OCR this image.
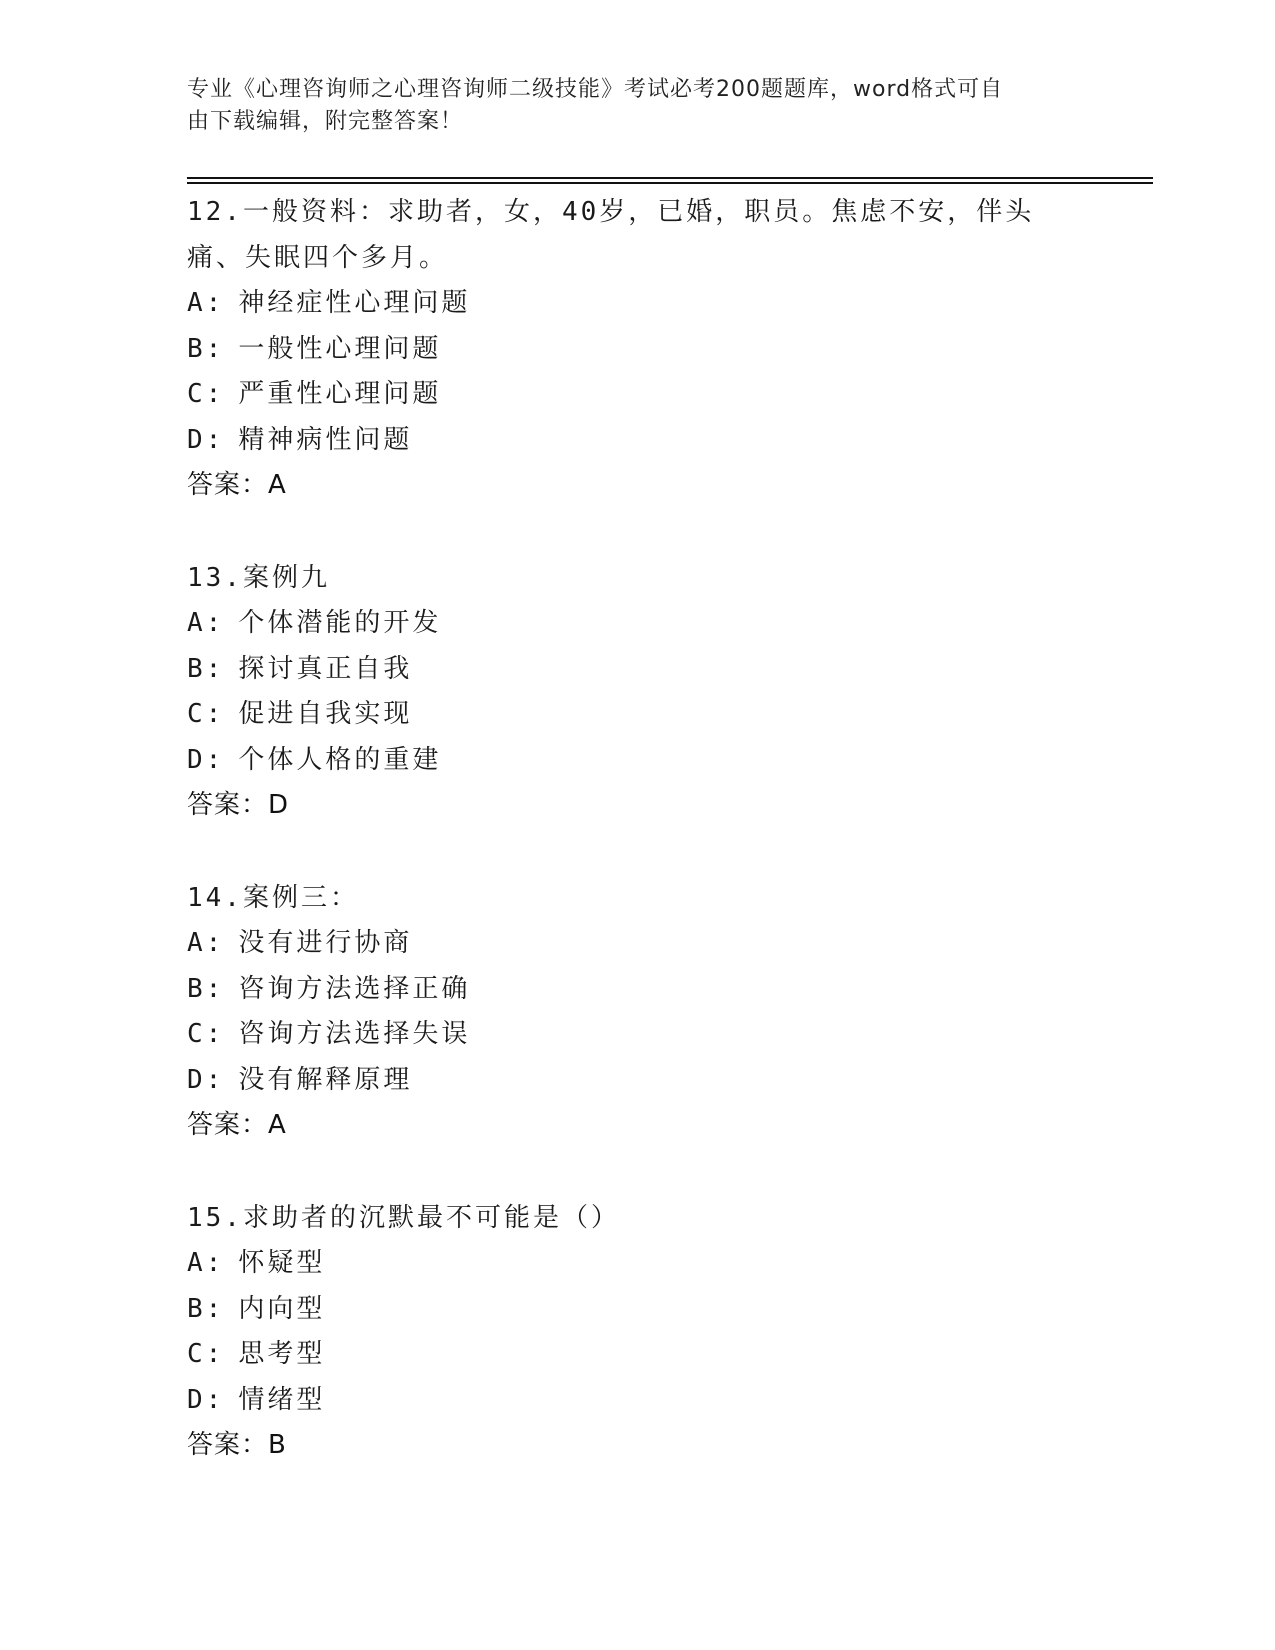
专业《心理咨询师之心理咨询师二级技能》考试必考200题题库，word格式可自
由下载编辑，附完整答案！
12.一般资料：求助者，女，40岁，已婚，职员。焦虑不安，伴头痛、失眠四个多月。
A: 神经症性心理问题
B: 一般性心理问题
C: 严重性心理问题
D: 精神病性问题
答案：A
13.案例九
A: 个体潜能的开发
B: 探讨真正自我
C: 促进自我实现
D: 个体人格的重建
答案：D
14.案例三：
A: 没有进行协商
B: 咨询方法选择正确
C: 咨询方法选择失误
D: 没有解释原理
答案：A
15.求助者的沉默最不可能是（）
A: 怀疑型
B: 内向型
C: 思考型
D: 情绪型
答案：B
